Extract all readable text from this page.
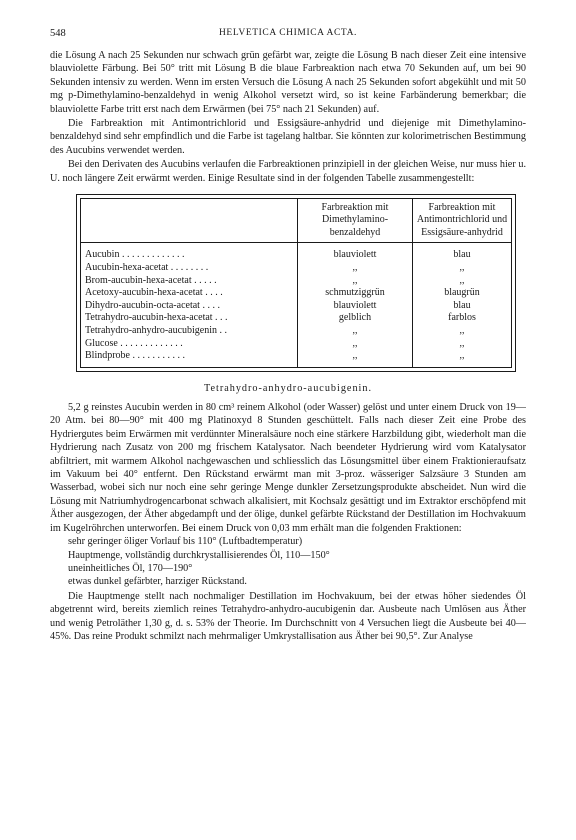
548	HELVETICA CHIMICA ACTA.

die Lösung A nach 25 Sekunden nur schwach grün gefärbt war, zeigte die Lösung B nach dieser Zeit eine intensive blauviolette Färbung. Bei 50° tritt mit Lösung B die blaue Farbreaktion nach etwa 70 Sekunden auf, um bei 90 Sekunden intensiv zu werden. Wenn im ersten Versuch die Lösung A nach 25 Sekunden sofort abgekühlt und mit 50 mg p-Dimethylamino-benzaldehyd in wenig Alkohol versetzt wird, so ist keine Farbänderung bemerkbar; die blauviolette Farbe tritt erst nach dem Erwärmen (bei 75° nach 21 Sekunden) auf.

Die Farbreaktion mit Antimontrichlorid und Essigsäure-anhydrid und diejenige mit Dimethylamino-benzaldehyd sind sehr empfindlich und die Farbe ist tagelang haltbar. Sie könnten zur kolorimetrischen Bestimmung des Aucubins verwendet werden.

Bei den Derivaten des Aucubins verlaufen die Farbreaktionen prinzipiell in der gleichen Weise, nur muss hier u. U. noch längere Zeit erwärmt werden. Einige Resultate sind in der folgenden Tabelle zusammengestellt:

	Farbreaktion mit Dimethylamino-benzaldehyd	Farbreaktion mit Antimontrichlorid und Essigsäure-anhydrid
Aucubin . . . . . . . . . . . . .	blauviolett	blau
Aucubin-hexa-acetat . . . . . . . .	,,	,,
Brom-aucubin-hexa-acetat . . . . .	,,	,,
Acetoxy-aucubin-hexa-acetat . . . .	schmutziggrün	blaugrün
Dihydro-aucubin-octa-acetat . . . .	blauviolett	blau
Tetrahydro-aucubin-hexa-acetat . . .	gelblich	farblos
Tetrahydro-anhydro-aucubigenin . .	,,	,,
Glucose . . . . . . . . . . . . .	,,	,,
Blindprobe . . . . . . . . . . .	,,	,,

Tetrahydro-anhydro-aucubigenin.

5,2 g reinstes Aucubin werden in 80 cm³ reinem Alkohol (oder Wasser) gelöst und unter einem Druck von 19—20 Atm. bei 80—90° mit 400 mg Platinoxyd 8 Stunden geschüttelt. Falls nach dieser Zeit eine Probe des Hydriergutes beim Erwärmen mit verdünnter Mineralsäure noch eine stärkere Harzbildung gibt, wiederholt man die Hydrierung nach Zusatz von 200 mg frischem Katalysator. Nach beendeter Hydrierung wird vom Katalysator abfiltriert, mit warmem Alkohol nachgewaschen und schliesslich das Lösungsmittel über einem Fraktionieraufsatz im Vakuum bei 40° entfernt. Den Rückstand erwärmt man mit 3-proz. wässeriger Salzsäure 3 Stunden am Wasserbad, wobei sich nur noch eine sehr geringe Menge dunkler Zersetzungsprodukte abscheidet. Nun wird die Lösung mit Natriumhydrogencarbonat schwach alkalisiert, mit Kochsalz gesättigt und im Extraktor erschöpfend mit Äther ausgezogen, der Äther abgedampft und der ölige, dunkel gefärbte Rückstand der Destillation im Hochvakuum im Kugelröhrchen unterworfen. Bei einem Druck von 0,03 mm erhält man die folgenden Fraktionen:

sehr geringer öliger Vorlauf bis 110° (Luftbadtemperatur)

Hauptmenge, vollständig durchkrystallisierendes Öl, 110—150°

uneinheitliches Öl, 170—190°

etwas dunkel gefärbter, harziger Rückstand.

Die Hauptmenge stellt nach nochmaliger Destillation im Hochvakuum, bei der etwas höher siedendes Öl abgetrennt wird, bereits ziemlich reines Tetrahydro-anhydro-aucubigenin dar. Ausbeute nach Umlösen aus Äther und wenig Petroläther 1,30 g, d. s. 53% der Theorie. Im Durchschnitt von 4 Versuchen liegt die Ausbeute bei 40—45%. Das reine Produkt schmilzt nach mehrmaliger Umkrystallisation aus Äther bei 90,5°. Zur Analyse
